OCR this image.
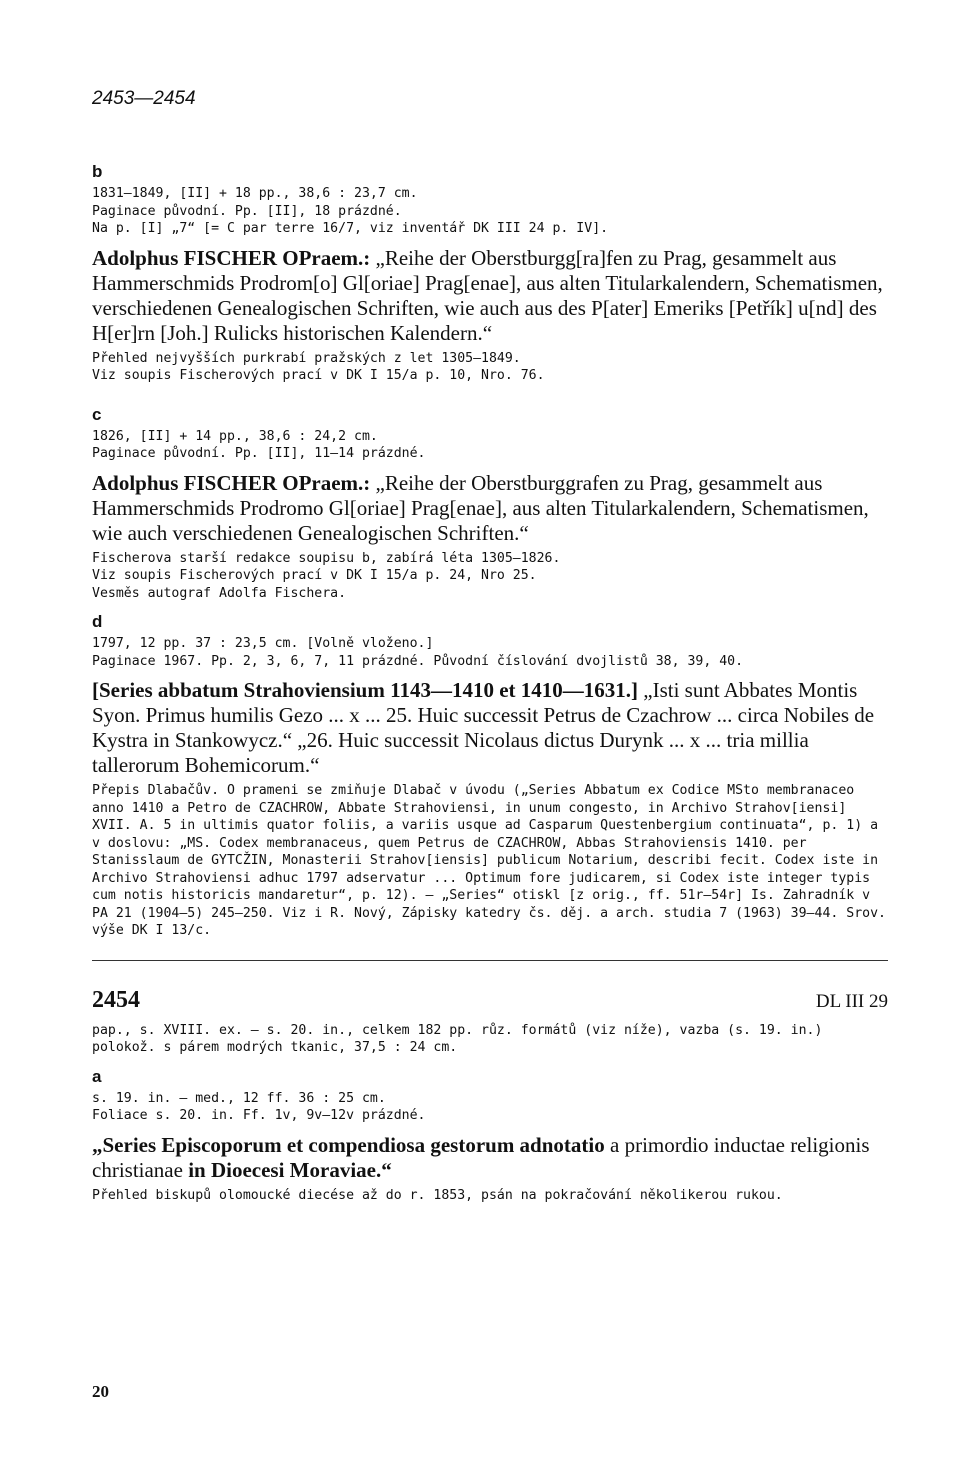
2453—2454
b

1831—1849, [II] + 18 pp., 38,6 : 23,7 cm.

Paginace původní. Pp. [II], 18 prázdné.

Na p. [I] „7“ [= C par terre 16/7, viz inventář DK III 24 p. IV].

Adolphus FISCHER OPraem.: „Reihe der Oberstburgg[ra]fen zu Prag, gesammelt aus Hammerschmids Prodrom[o] Gl[oriae] Prag[enae], aus alten Titularkalendern, Schematismen, verschiedenen Genealogischen Schriften, wie auch aus des P[ater] Emeriks [Petřík] u[nd] des H[er]rn [Joh.] Rulicks historischen Kalendern.“

Přehled nejvyšších purkrabí pražských z let 1305—1849.

Viz soupis Fischerových prací v DK I 15/a p. 10, Nro. 76.

c

1826, [II] + 14 pp., 38,6 : 24,2 cm.

Paginace původní. Pp. [II], 11—14 prázdné.

Adolphus FISCHER OPraem.: „Reihe der Oberstburggrafen zu Prag, gesammelt aus Hammerschmids Prodromo Gl[oriae] Prag[enae], aus alten Titularkalendern, Schematismen, wie auch verschiedenen Genealogischen Schriften.“

Fischerova starší redakce soupisu b, zabírá léta 1305—1826.

Viz soupis Fischerových prací v DK I 15/a p. 24, Nro 25.

Vesměs autograf Adolfa Fischera.

d

1797, 12 pp. 37 : 23,5 cm. [Volně vloženo.]

Paginace 1967. Pp. 2, 3, 6, 7, 11 prázdné. Původní číslování dvojlistů 38, 39, 40.

[Series abbatum Strahoviensium 1143—1410 et 1410—1631.] „Isti sunt Abbates Montis Syon. Primus humilis Gezo ... x ... 25. Huic successit Petrus de Czachrow ... circa Nobiles de Kystra in Stankowycz.“ „26. Huic successit Nicolaus dictus Durynk ... x ... tria millia tallerorum Bohemicorum.“

Přepis Dlabačův. O prameni se zmiňuje Dlabač v úvodu („Series Abbatum ex Codice MSto membranaceo anno 1410 a Petro de CZACHROW, Abbate Strahoviensi, in unum congesto, in Archivo Strahov[iensi] XVII. A. 5 in ultimis quator foliis, a variis usque ad Casparum Questenbergium continuata“, p. 1) a v doslovu: „MS. Codex membranaceus, quem Petrus de CZACHROW, Abbas Strahoviensis 1410. per Stanisslaum de GYTCŽIN, Monasterii Strahov[iensis] publicum Notarium, describi fecit. Codex iste in Archivo Strahoviensi adhuc 1797 adservatur ... Optimum fore judicarem, si Codex iste integer typis cum notis historicis mandaretur“, p. 12). — „Series“ otiskl [z orig., ff. 51r—54r] Is. Zahradník v PA 21 (1904—5) 245—250. Viz i R. Nový, Zápisky katedry čs. děj. a arch. studia 7 (1963) 39—44. Srov. výše DK I 13/c.

2454	DL III 29

pap., s. XVIII. ex. — s. 20. in., celkem 182 pp. růz. formátů (viz níže), vazba (s. 19. in.) polokož. s párem modrých tkanic, 37,5 : 24 cm.

a

s. 19. in. — med., 12 ff. 36 : 25 cm.

Foliace s. 20. in. Ff. 1v, 9v—12v prázdné.

„Series Episcoporum et compendiosa gestorum adnotatio a primordio inductae religionis christianae in Dioecesi Moraviae.“

Přehled biskupů olomoucké diecése až do r. 1853, psán na pokračování několikerou rukou.

20
